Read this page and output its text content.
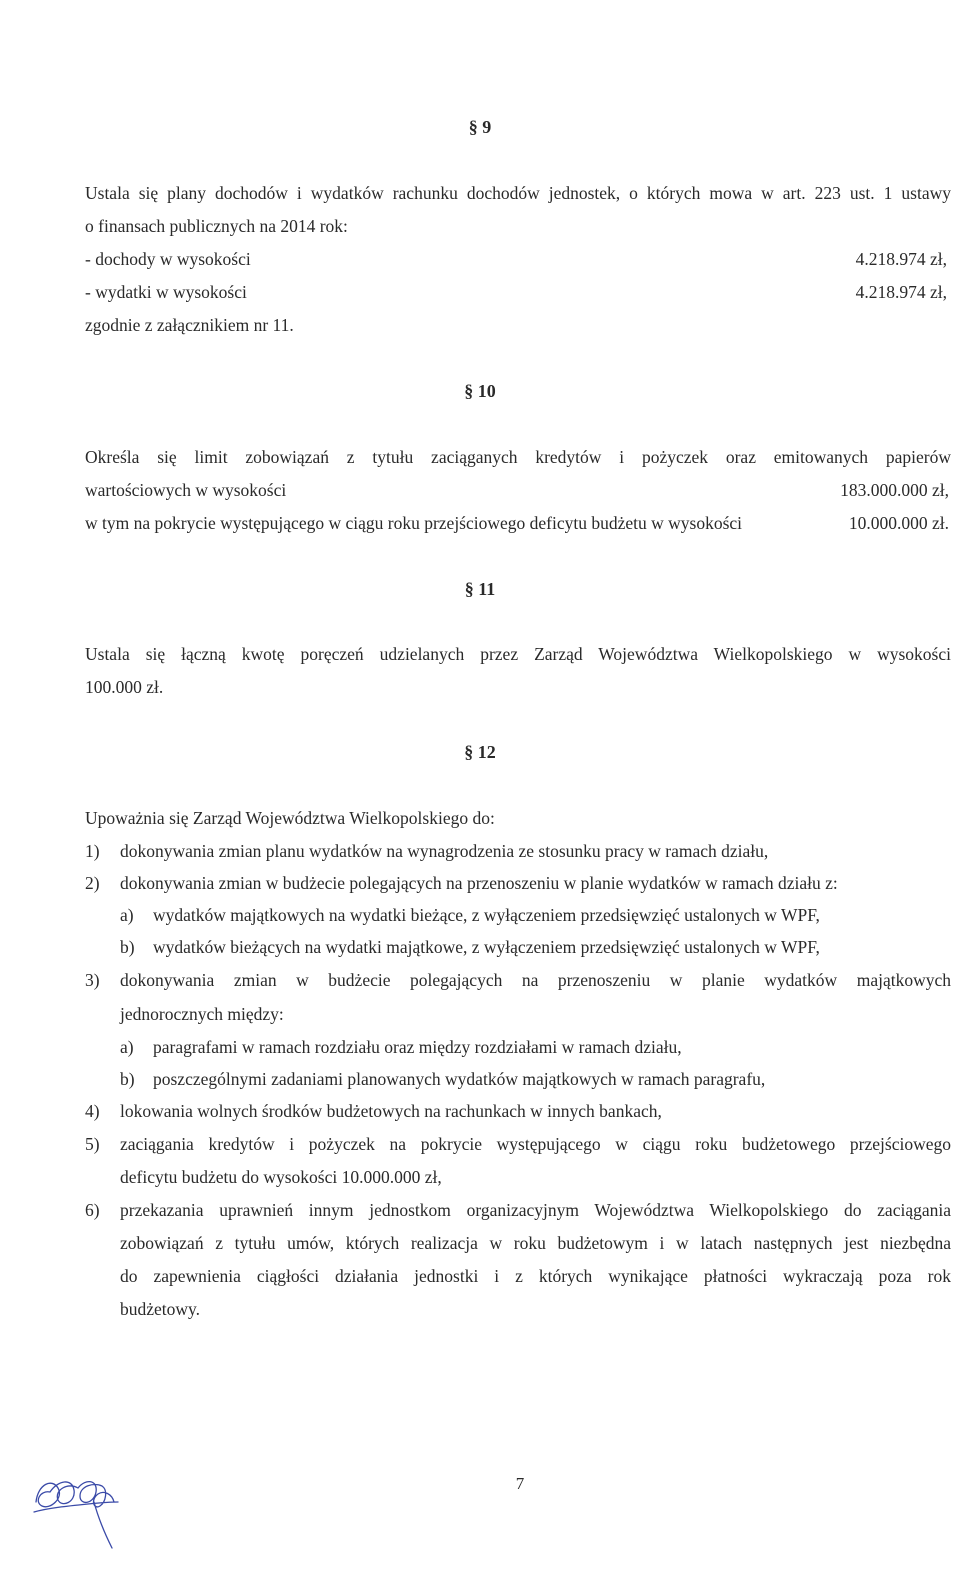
§ 9
Ustala się plany dochodów i wydatków rachunku dochodów jednostek, o których mowa w art. 223 ust. 1 ustawy
o finansach publicznych na 2014 rok:
- dochody w wysokości	4.218.974 zł,
- wydatki w wysokości	4.218.974 zł,
zgodnie z załącznikiem nr 11.
§ 10
Określa się limit zobowiązań z tytułu zaciąganych kredytów i pożyczek oraz emitowanych papierów
wartościowych w wysokości	183.000.000 zł,
w tym na pokrycie występującego w ciągu roku przejściowego deficytu budżetu w wysokości	10.000.000 zł.
§ 11
Ustala się łączną kwotę poręczeń udzielanych przez Zarząd Województwa Wielkopolskiego w wysokości
100.000 zł.
§ 12
Upoważnia się Zarząd Województwa Wielkopolskiego do:
1) dokonywania zmian planu wydatków na wynagrodzenia ze stosunku pracy w ramach działu,
2) dokonywania zmian w budżecie polegających na przenoszeniu w planie wydatków w ramach działu z:
a) wydatków majątkowych na wydatki bieżące, z wyłączeniem przedsięwzięć ustalonych w WPF,
b) wydatków bieżących na wydatki majątkowe, z wyłączeniem przedsięwzięć ustalonych w WPF,
3) dokonywania zmian w budżecie polegających na przenoszeniu w planie wydatków majątkowych
jednorocznych między:
a) paragrafami w ramach rozdziału oraz między rozdziałami w ramach działu,
b) poszczególnymi zadaniami planowanych wydatków majątkowych w ramach paragrafu,
4) lokowania wolnych środków budżetowych na rachunkach w innych bankach,
5) zaciągania kredytów i pożyczek na pokrycie występującego w ciągu roku budżetowego przejściowego
deficytu budżetu do wysokości 10.000.000 zł,
6) przekazania uprawnień innym jednostkom organizacyjnym Województwa Wielkopolskiego do zaciągania
zobowiązań z tytułu umów, których realizacja w roku budżetowym i w latach następnych jest niezbędna
do zapewnienia ciągłości działania jednostki i z których wynikające płatności wykraczają poza rok
budżetowy.
7
